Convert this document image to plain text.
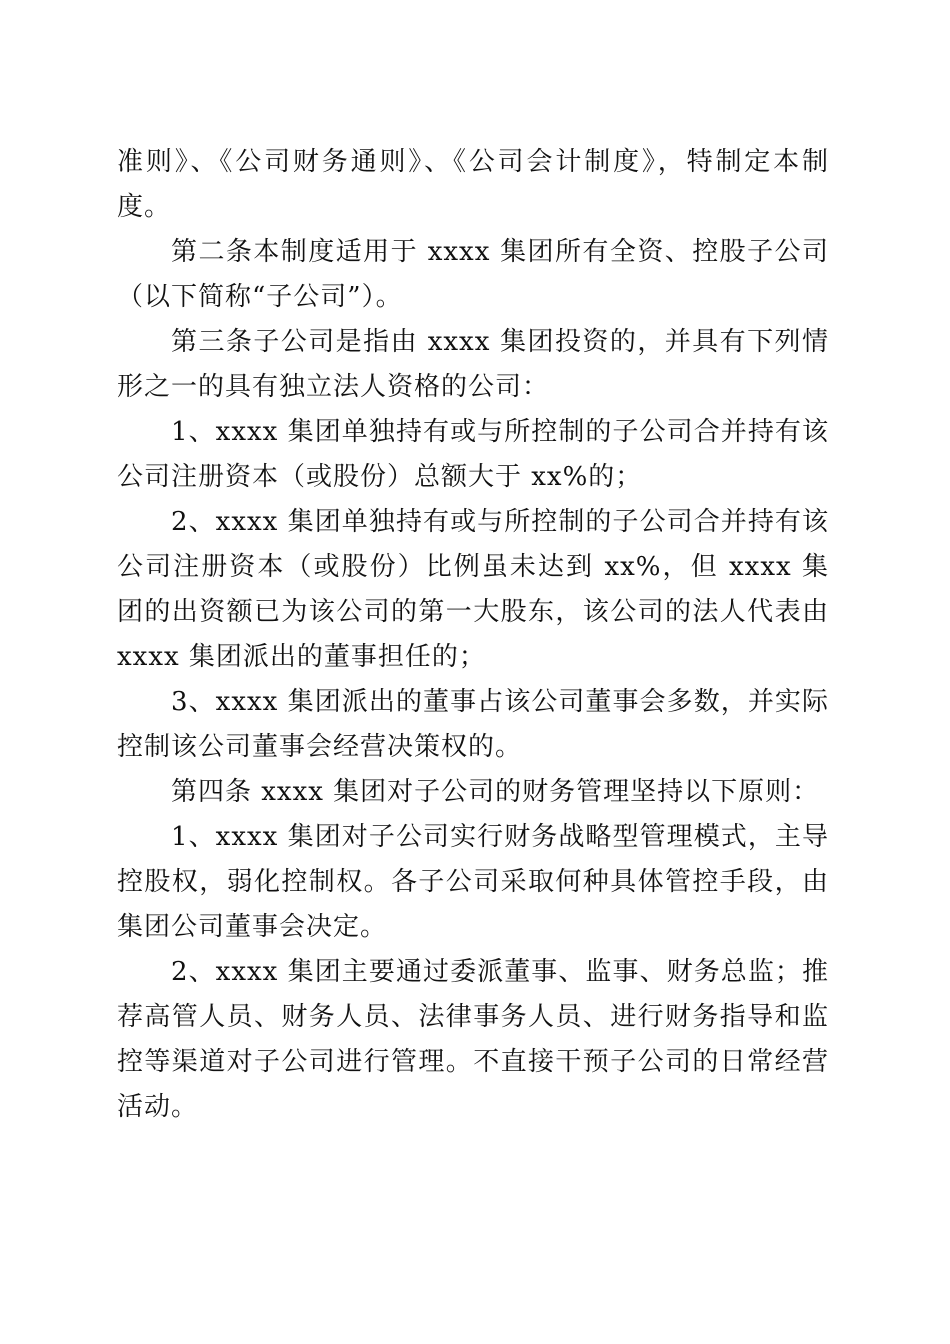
准则》、《公司财务通则》、《公司会计制度》，特制定本制度。

第二条本制度适用于 xxxx 集团所有全资、控股子公司（以下简称“子公司”）。

第三条子公司是指由 xxxx 集团投资的，并具有下列情形之一的具有独立法人资格的公司：

1、xxxx 集团单独持有或与所控制的子公司合并持有该公司注册资本（或股份）总额大于 xx%的；

2、xxxx 集团单独持有或与所控制的子公司合并持有该公司注册资本（或股份）比例虽未达到 xx%，但 xxxx 集团的出资额已为该公司的第一大股东，该公司的法人代表由 xxxx 集团派出的董事担任的；

3、xxxx 集团派出的董事占该公司董事会多数，并实际控制该公司董事会经营决策权的。

第四条 xxxx 集团对子公司的财务管理坚持以下原则：

1、xxxx 集团对子公司实行财务战略型管理模式，主导控股权，弱化控制权。各子公司采取何种具体管控手段，由集团公司董事会决定。

2、xxxx 集团主要通过委派董事、监事、财务总监；推荐高管人员、财务人员、法律事务人员、进行财务指导和监控等渠道对子公司进行管理。不直接干预子公司的日常经营活动。
